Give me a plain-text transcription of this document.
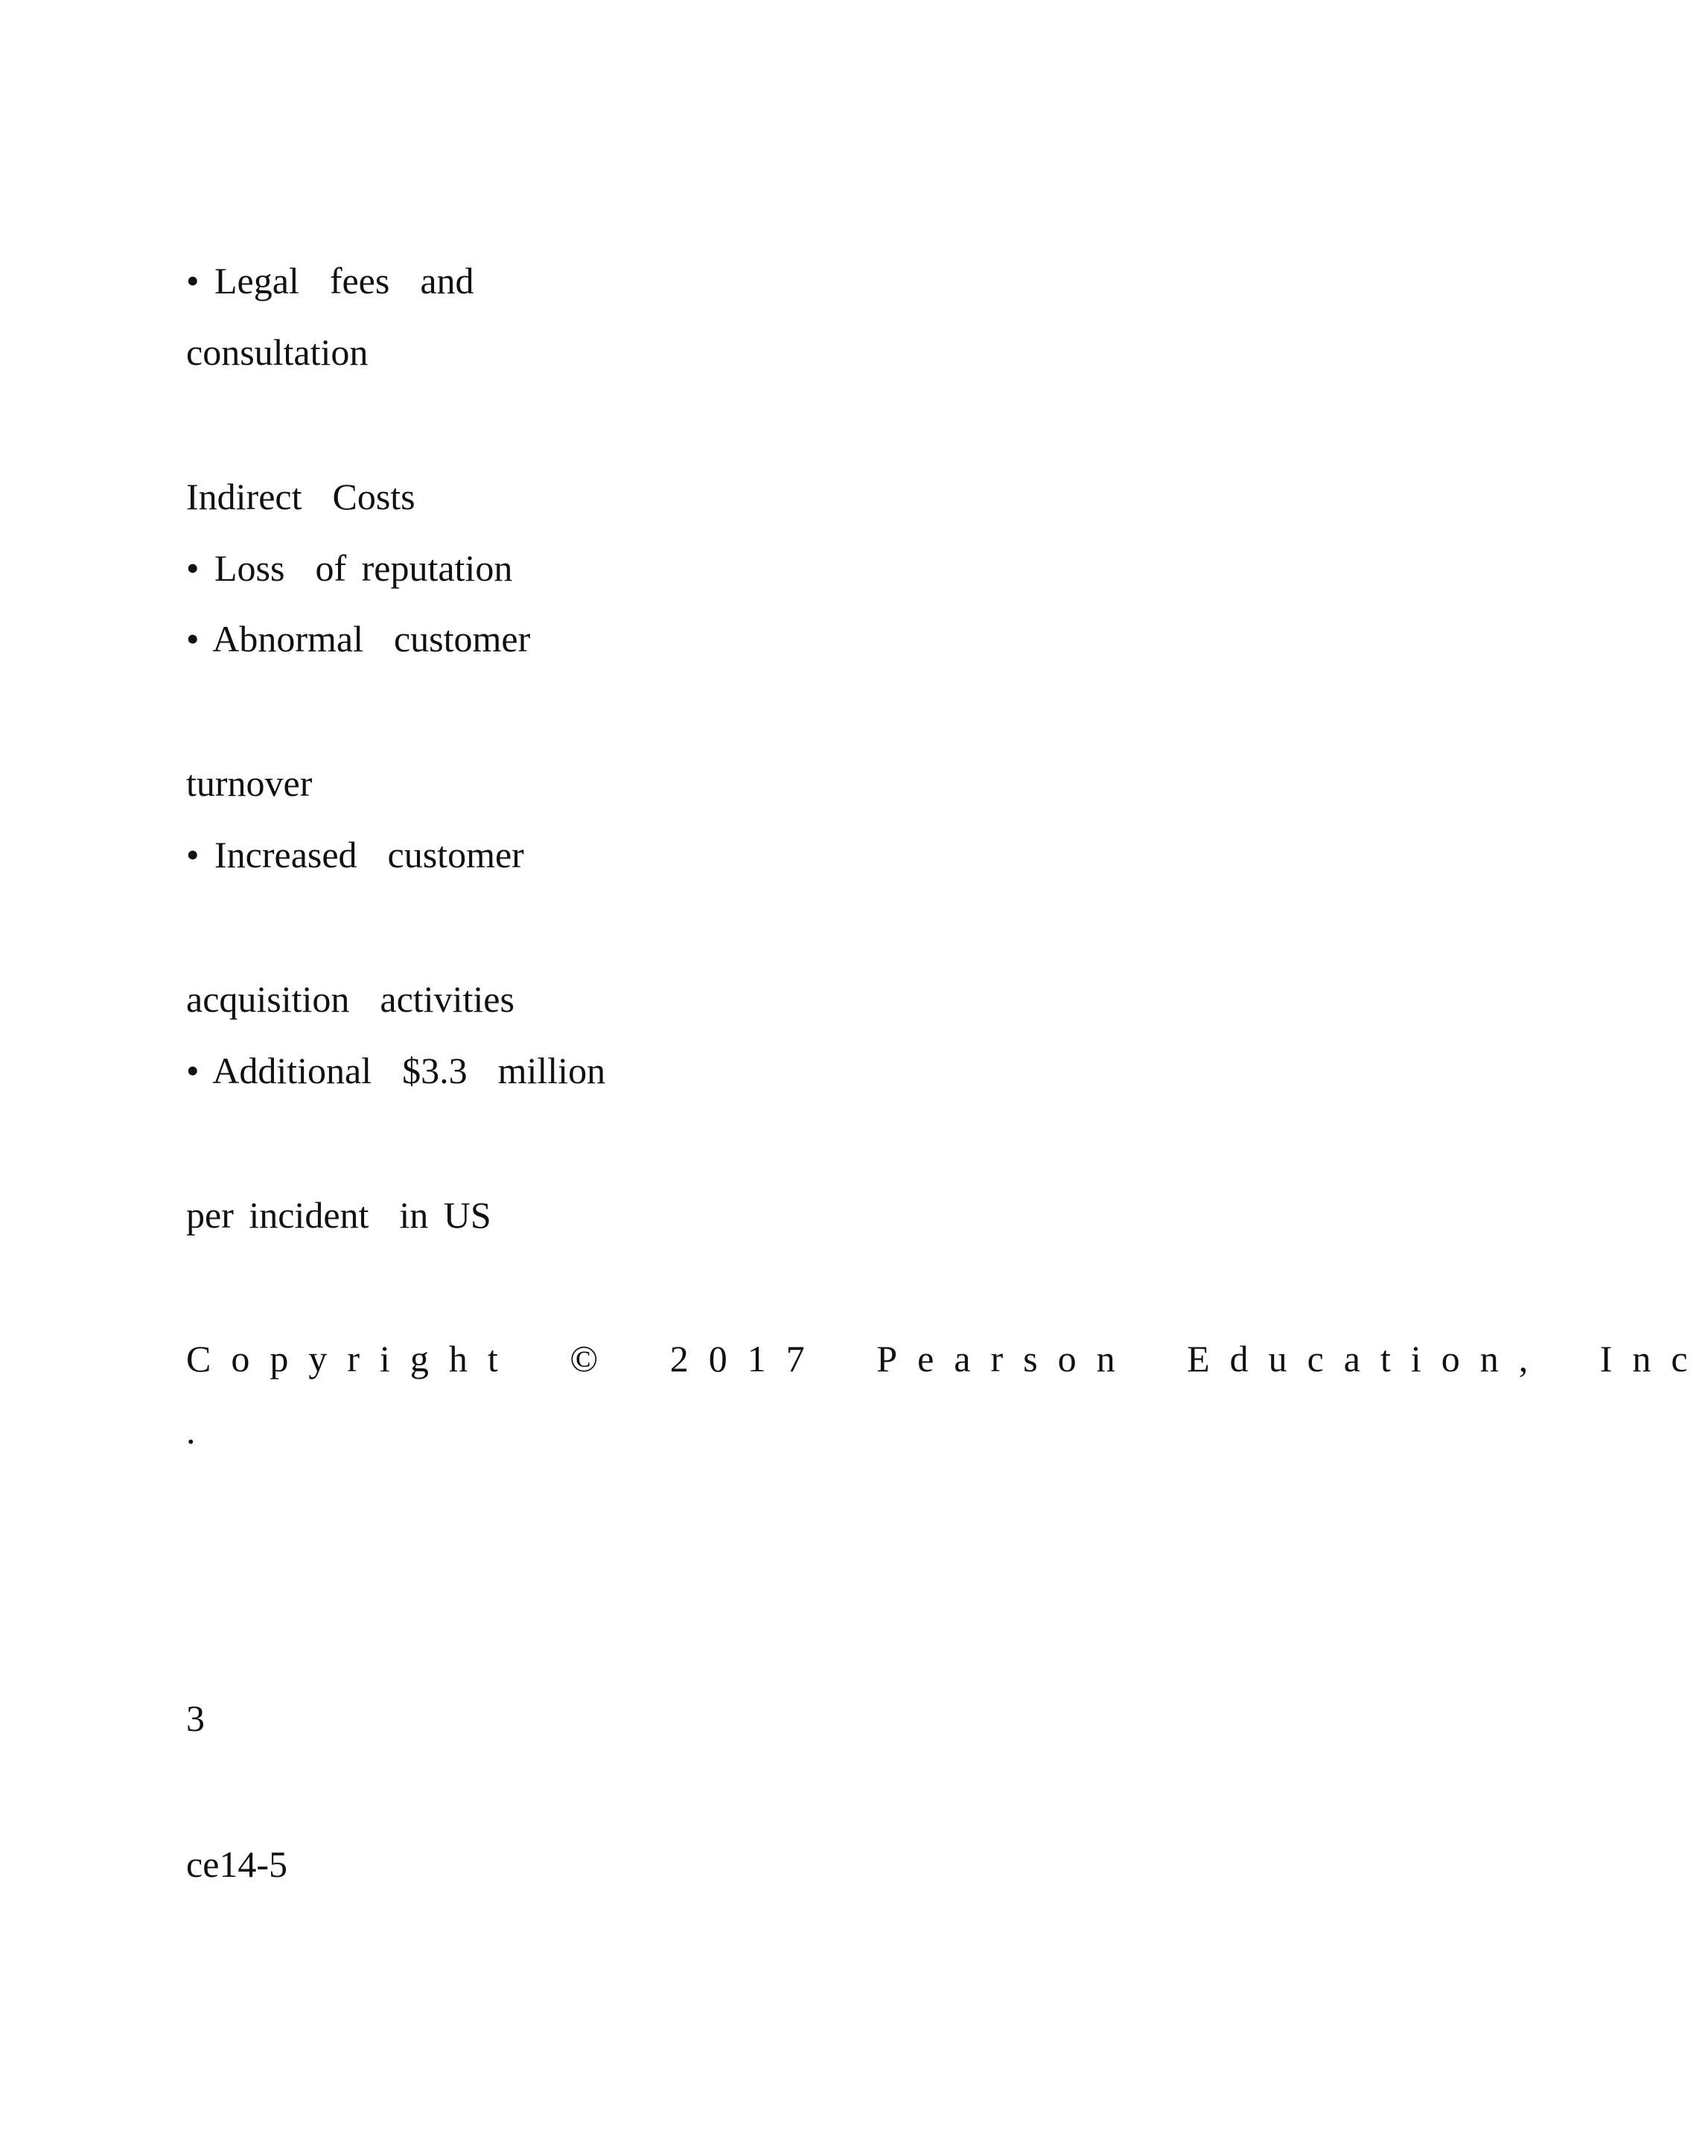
• Legal  fees  and
consultation
Indirect  Costs
• Loss  of reputation
• Abnormal  customer
turnover
• Increased  customer
acquisition  activities
• Additional  $3.3  million
per incident  in US
Copyright © 2017 Pearson Education, Inc
.
3
ce14-5
